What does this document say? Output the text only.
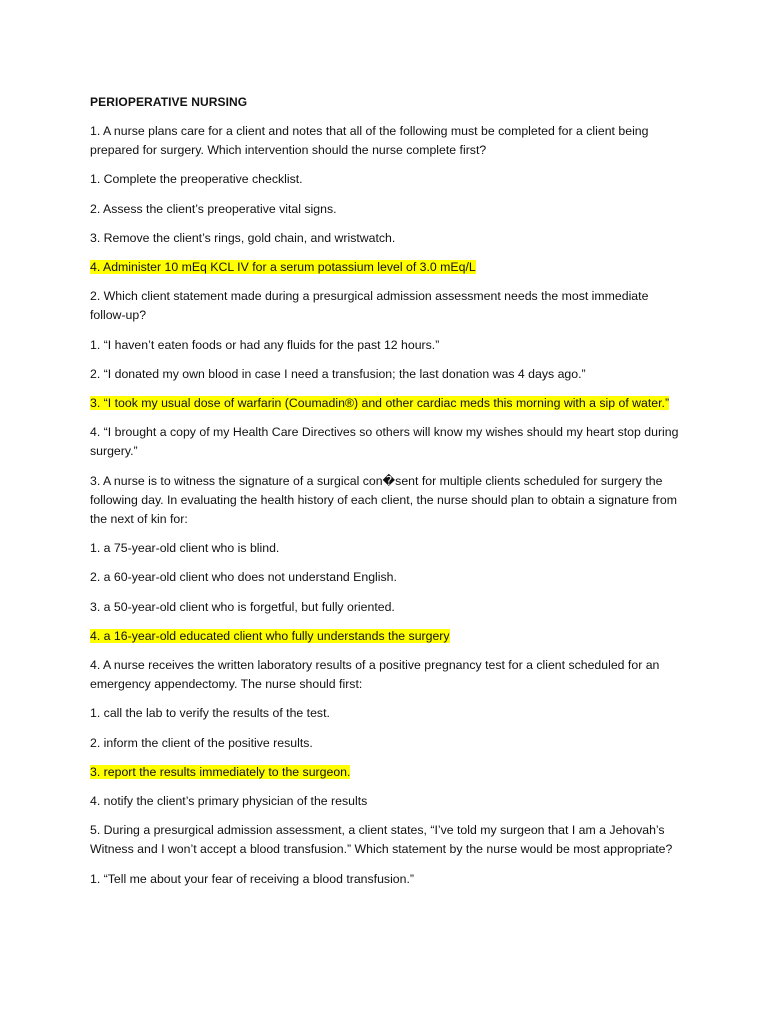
PERIOPERATIVE NURSING
1. A nurse plans care for a client and notes that all of the following must be completed for a client being prepared for surgery. Which intervention should the nurse complete first?
1. Complete the preoperative checklist.
2. Assess the client’s preoperative vital signs.
3. Remove the client’s rings, gold chain, and wristwatch.
4. Administer 10 mEq KCL IV for a serum potassium level of 3.0 mEq/L
2. Which client statement made during a presurgical admission assessment needs the most immediate follow-up?
1. “I haven’t eaten foods or had any fluids for the past 12 hours.”
2. “I donated my own blood in case I need a transfusion; the last donation was 4 days ago.”
3. “I took my usual dose of warfarin (Coumadin®) and other cardiac meds this morning with a sip of water.”
4. “I brought a copy of my Health Care Directives so others will know my wishes should my heart stop during surgery.”
3. A nurse is to witness the signature of a surgical con�sent for multiple clients scheduled for surgery the following day. In evaluating the health history of each client, the nurse should plan to obtain a signature from the next of kin for:
1. a 75-year-old client who is blind.
2. a 60-year-old client who does not understand English.
3. a 50-year-old client who is forgetful, but fully oriented.
4. a 16-year-old educated client who fully understands the surgery
4. A nurse receives the written laboratory results of a positive pregnancy test for a client scheduled for an emergency appendectomy. The nurse should first:
1. call the lab to verify the results of the test.
2. inform the client of the positive results.
3. report the results immediately to the surgeon.
4. notify the client’s primary physician of the results
5. During a presurgical admission assessment, a client states, “I’ve told my surgeon that I am a Jehovah’s Witness and I won’t accept a blood transfusion.” Which statement by the nurse would be most appropriate?
1. “Tell me about your fear of receiving a blood transfusion.”
